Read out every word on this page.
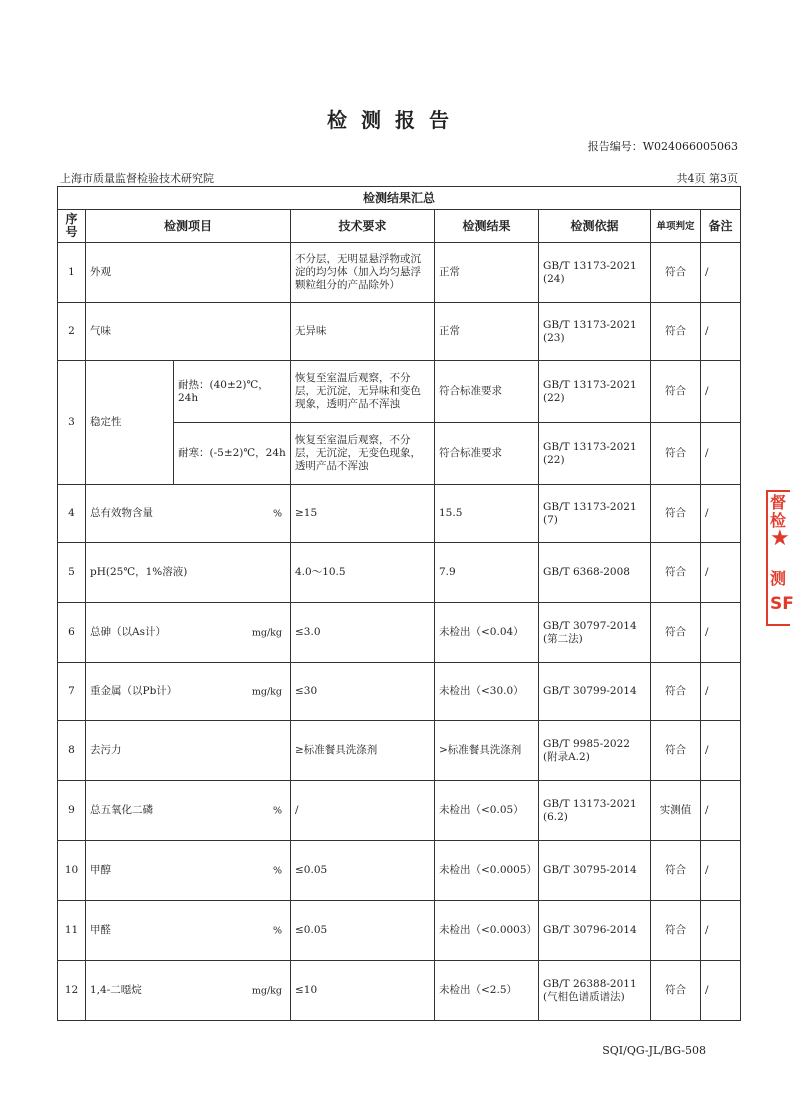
检测报告
报告编号：W024066005063
上海市质量监督检验技术研究院	共4页 第3页
检测结果汇总							
序号	检测项目		技术要求	检测结果	检测依据	单项判定	备注
1	外观		不分层，无明显悬浮物或沉淀的均匀体（加入均匀悬浮颗粒组分的产品除外）	正常	GB/T 13173-2021 (24)	符合	/
2	气味		无异味	正常	GB/T 13173-2021 (23)	符合	/
3	稳定性	耐热：(40±2)℃，24h	恢复至室温后观察，不分层，无沉淀，无异味和变色现象，透明产品不浑浊	符合标准要求	GB/T 13173-2021 (22)	符合	/
		耐寒：(-5±2)℃，24h	恢复至室温后观察，不分层，无沉淀，无变色现象，透明产品不浑浊	符合标准要求	GB/T 13173-2021 (22)	符合	/
4	总有效物含量 %		≥15	15.5	GB/T 13173-2021 (7)	符合	/
5	pH(25℃，1%溶液)		4.0～10.5	7.9	GB/T 6368-2008	符合	/
6	总砷（以As计） mg/kg		≤3.0	未检出（<0.04）	GB/T 30797-2014 (第二法)	符合	/
7	重金属（以Pb计） mg/kg		≤30	未检出（<30.0）	GB/T 30799-2014	符合	/
8	去污力		≥标准餐具洗涤剂	>标准餐具洗涤剂	GB/T 9985-2022 (附录A.2)	符合	/
9	总五氧化二磷 %		/	未检出（<0.05）	GB/T 13173-2021 (6.2)	实测值	/
10	甲醇 %		≤0.05	未检出（<0.0005）	GB/T 30795-2014	符合	/
11	甲醛 %		≤0.05	未检出（<0.0003）	GB/T 30796-2014	符合	/
12	1,4-二噁烷 mg/kg		≤10	未检出（<2.5）	GB/T 26388-2011 (气相色谱质谱法)	符合	/
SQI/QG-JL/BG-508
督检
★
测
SF
